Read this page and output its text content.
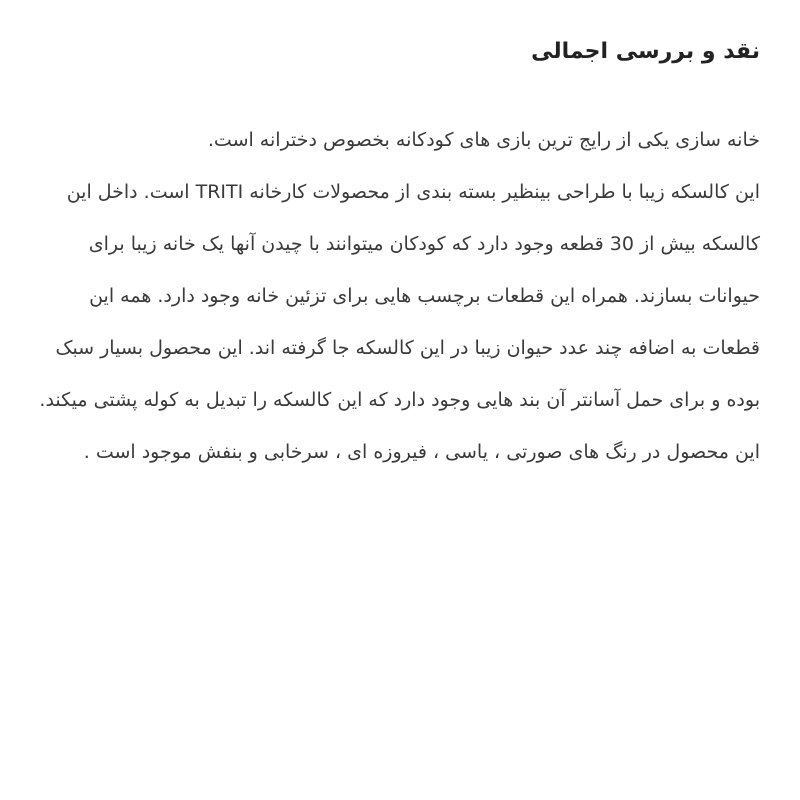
نقد و بررسی اجمالی

خانه سازی یکی از رایج ترین بازی های کودکانه بخصوص دخترانه است.

این کالسکه زیبا با طراحی بینظیر بسته بندی از محصولات کارخانه TRITI است. داخل این کالسکه بیش از 30 قطعه وجود دارد که کودکان میتوانند با چیدن آنها یک خانه زیبا برای حیوانات بسازند. همراه این قطعات برچسب هایی برای تزئین خانه وجود دارد. همه این قطعات به اضافه چند عدد حیوان زیبا در این کالسکه جا گرفته اند. این محصول بسیار سبک بوده و برای حمل آسانتر آن بند هایی وجود دارد که این کالسکه را تبدیل به کوله پشتی میکند.

این محصول در رنگ های صورتی ، یاسی ، فیروزه ای ، سرخابی و بنفش موجود است .
